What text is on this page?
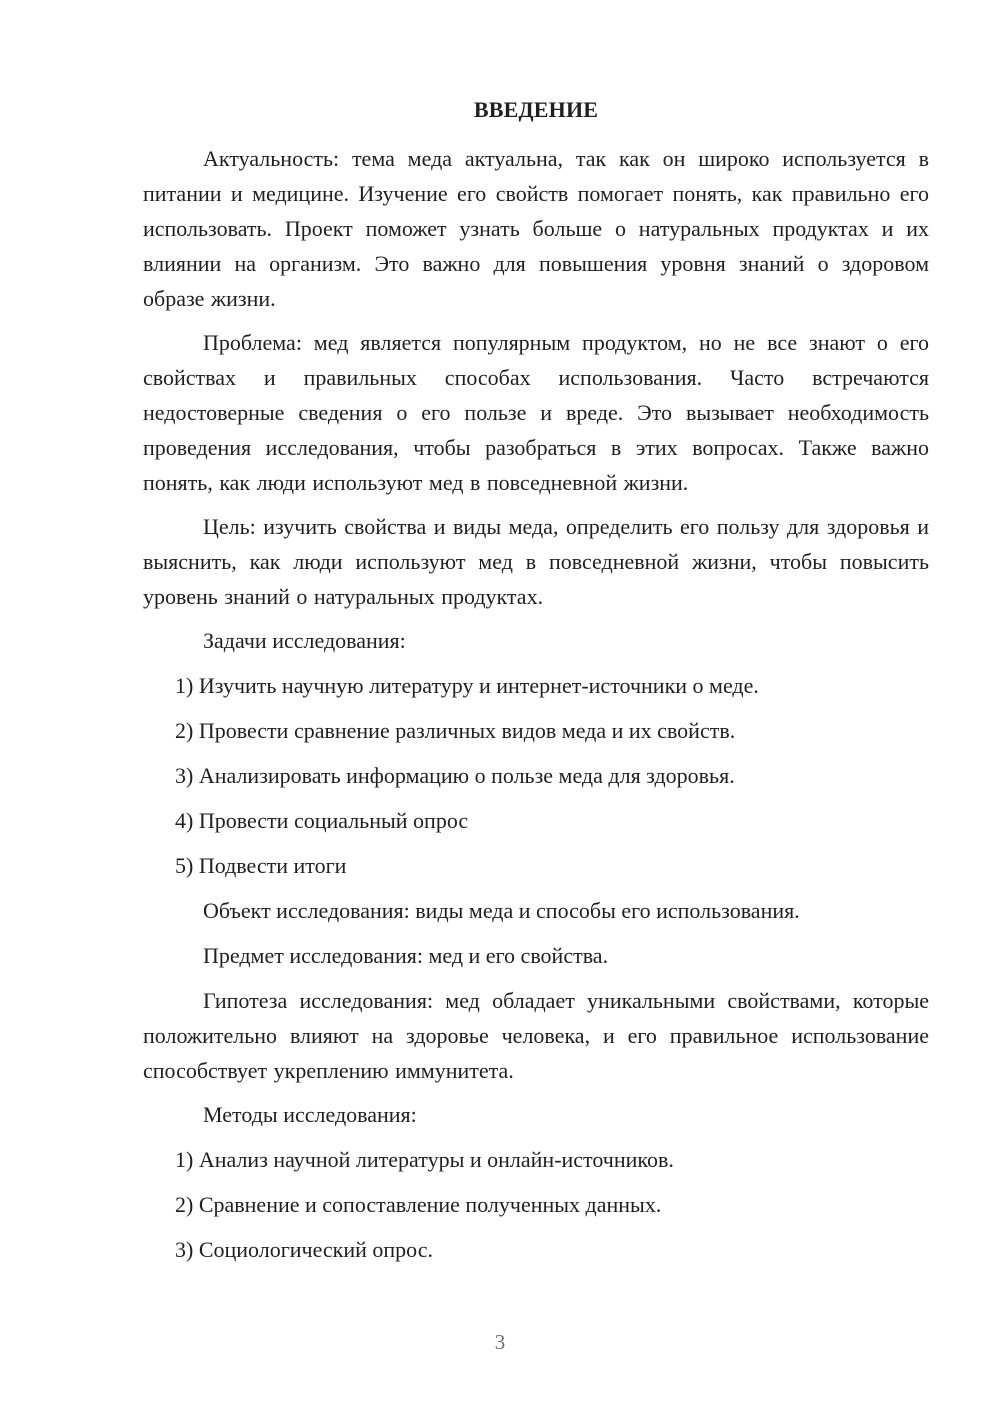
ВВЕДЕНИЕ

Актуальность: тема меда актуальна, так как он широко используется в питании и медицине. Изучение его свойств помогает понять, как правильно его использовать. Проект поможет узнать больше о натуральных продуктах и их влиянии на организм. Это важно для повышения уровня знаний о здоровом образе жизни.

Проблема: мед является популярным продуктом, но не все знают о его свойствах и правильных способах использования. Часто встречаются недостоверные сведения о его пользе и вреде. Это вызывает необходимость проведения исследования, чтобы разобраться в этих вопросах. Также важно понять, как люди используют мед в повседневной жизни.

Цель: изучить свойства и виды меда, определить его пользу для здоровья и выяснить, как люди используют мед в повседневной жизни, чтобы повысить уровень знаний о натуральных продуктах.

Задачи исследования:
1) Изучить научную литературу и интернет-источники о меде.
2) Провести сравнение различных видов меда и их свойств.
3) Анализировать информацию о пользе меда для здоровья.
4) Провести социальный опрос
5) Подвести итоги
Объект исследования: виды меда и способы его использования.
Предмет исследования: мед и его свойства.

Гипотеза исследования: мед обладает уникальными свойствами, которые положительно влияют на здоровье человека, и его правильное использование способствует укреплению иммунитета.

Методы исследования:
1) Анализ научной литературы и онлайн-источников.
2) Сравнение и сопоставление полученных данных.
3) Социологический опрос.
3
